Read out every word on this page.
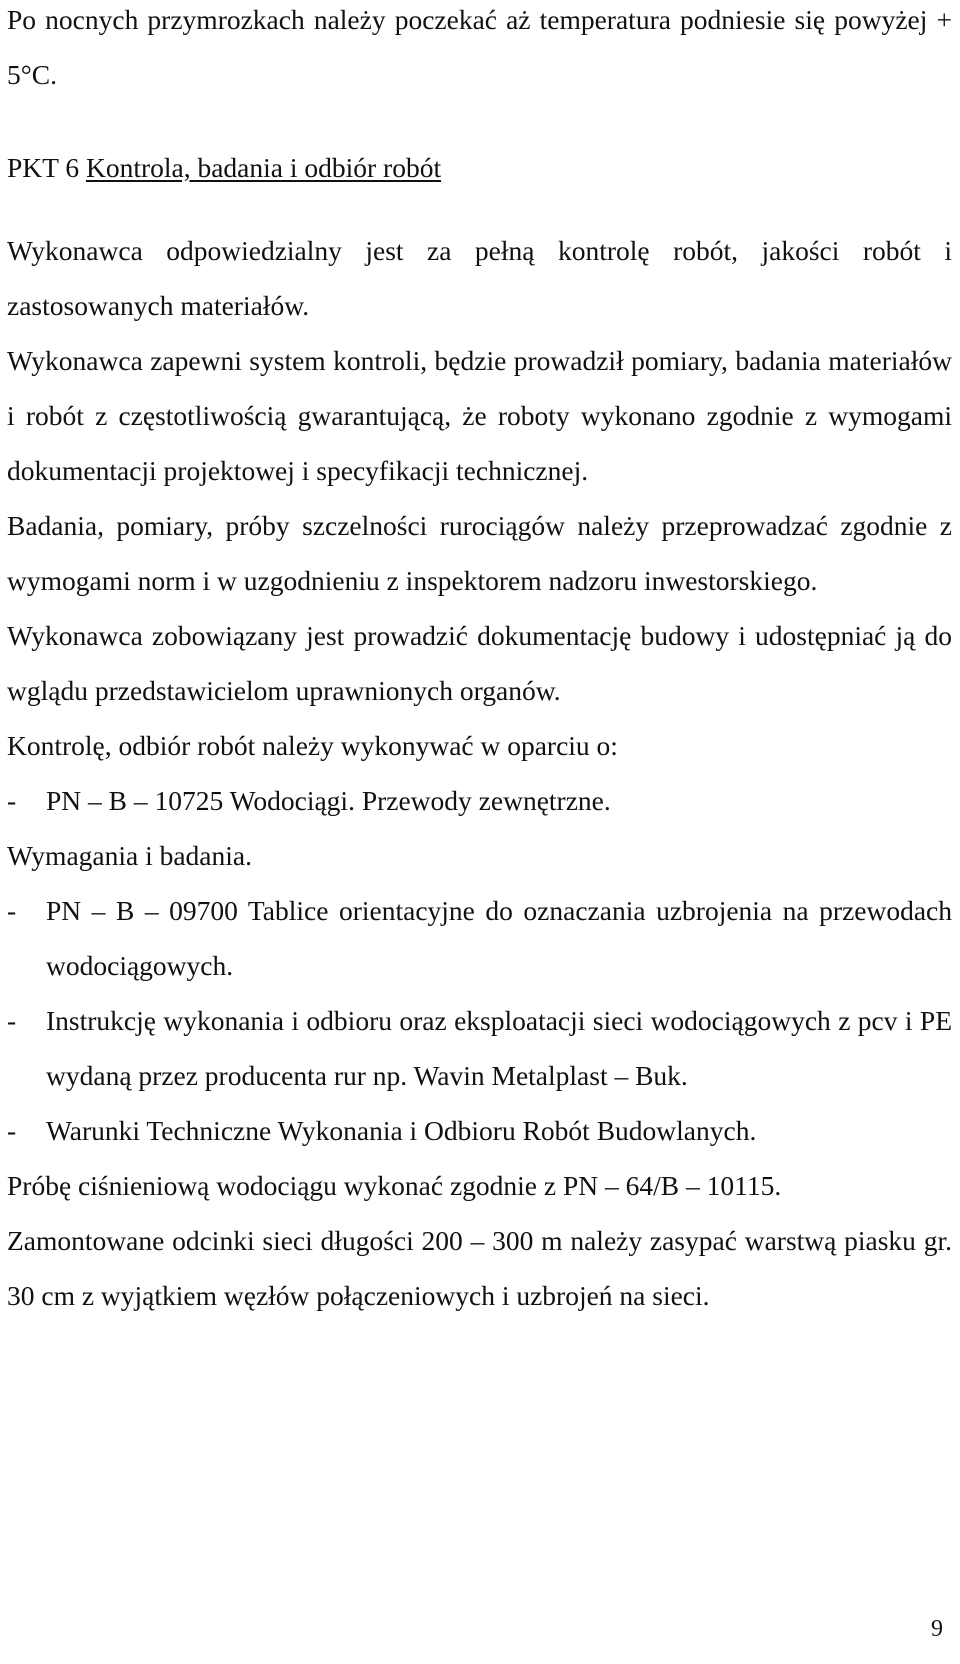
Po nocnych przymrozkach należy poczekać aż temperatura podniesie się powyżej + 5°C.

PKT 6 Kontrola, badania i odbiór robót

Wykonawca odpowiedzialny jest za pełną kontrolę robót, jakości robót i zastosowanych materiałów.

Wykonawca zapewni system kontroli, będzie prowadził pomiary, badania materiałów i robót z częstotliwością gwarantującą, że roboty wykonano zgodnie z wymogami dokumentacji projektowej i specyfikacji technicznej.

Badania, pomiary, próby szczelności rurociągów należy przeprowadzać zgodnie z wymogami norm i w uzgodnieniu z inspektorem nadzoru inwestorskiego.

Wykonawca zobowiązany jest prowadzić dokumentację budowy i udostępniać ją do wglądu przedstawicielom uprawnionych organów.

Kontrolę, odbiór robót należy wykonywać w oparciu o:

-	PN – B – 10725 Wodociągi. Przewody zewnętrzne.

Wymagania i badania.

-	PN – B – 09700 Tablice orientacyjne do oznaczania uzbrojenia na przewodach wodociągowych.
-	Instrukcję wykonania i odbioru oraz eksploatacji sieci wodociągowych z pcv i PE wydaną przez producenta rur np. Wavin Metalplast – Buk.
-	Warunki Techniczne Wykonania i Odbioru Robót Budowlanych.

Próbę ciśnieniową wodociągu wykonać zgodnie z PN – 64/B – 10115.

Zamontowane odcinki sieci długości 200 – 300 m należy zasypać warstwą piasku gr. 30 cm z wyjątkiem węzłów połączeniowych i uzbrojeń na sieci.

9
